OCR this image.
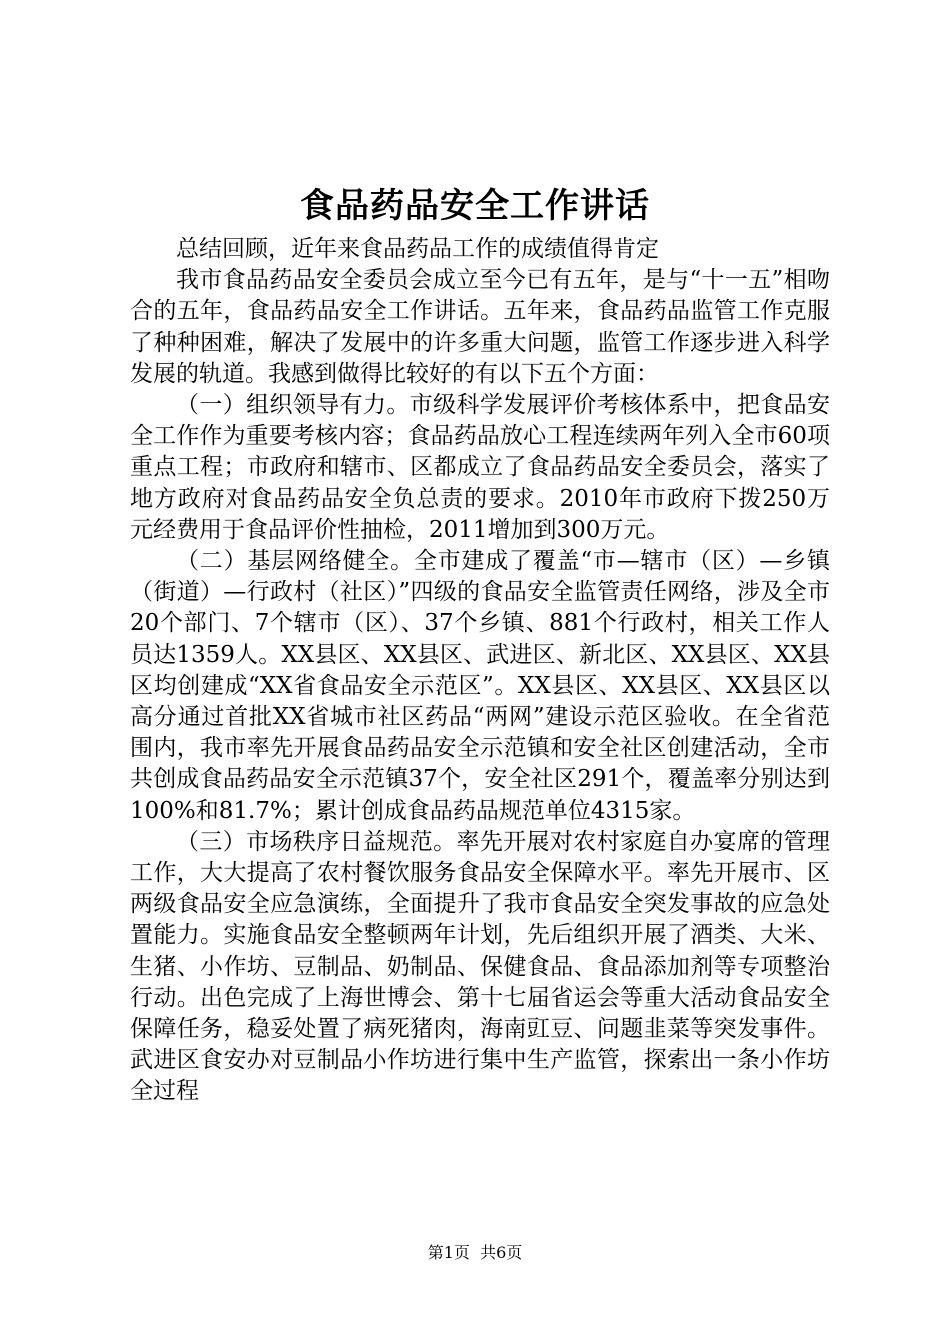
食品药品安全工作讲话

总结回顾，近年来食品药品工作的成绩值得肯定

我市食品药品安全委员会成立至今已有五年，是与“十一五”相吻合的五年，食品药品安全工作讲话。五年来，食品药品监管工作克服了种种困难，解决了发展中的许多重大问题，监管工作逐步进入科学发展的轨道。我感到做得比较好的有以下五个方面：

（一）组织领导有力。市级科学发展评价考核体系中，把食品安全工作作为重要考核内容；食品药品放心工程连续两年列入全市60项重点工程；市政府和辖市、区都成立了食品药品安全委员会，落实了地方政府对食品药品安全负总责的要求。2010年市政府下拨250万元经费用于食品评价性抽检，2011增加到300万元。

（二）基层网络健全。全市建成了覆盖“市—辖市（区）—乡镇（街道）—行政村（社区）”四级的食品安全监管责任网络，涉及全市20个部门、7个辖市（区）、37个乡镇、881个行政村，相关工作人员达1359人。XX县区、XX县区、武进区、新北区、XX县区、XX县区均创建成“XX省食品安全示范区”。XX县区、XX县区、XX县区以高分通过首批XX省城市社区药品“两网”建设示范区验收。在全省范围内，我市率先开展食品药品安全示范镇和安全社区创建活动，全市共创成食品药品安全示范镇37个，安全社区291个，覆盖率分别达到100%和81.7%；累计创成食品药品规范单位4315家。

（三）市场秩序日益规范。率先开展对农村家庭自办宴席的管理工作，大大提高了农村餐饮服务食品安全保障水平。率先开展市、区两级食品安全应急演练，全面提升了我市食品安全突发事故的应急处置能力。实施食品安全整顿两年计划，先后组织开展了酒类、大米、生猪、小作坊、豆制品、奶制品、保健食品、食品添加剂等专项整治行动。出色完成了上海世博会、第十七届省运会等重大活动食品安全保障任务，稳妥处置了病死猪肉，海南豇豆、问题韭菜等突发事件。武进区食安办对豆制品小作坊进行集中生产监管，探索出一条小作坊全过程

第1页 共6页
